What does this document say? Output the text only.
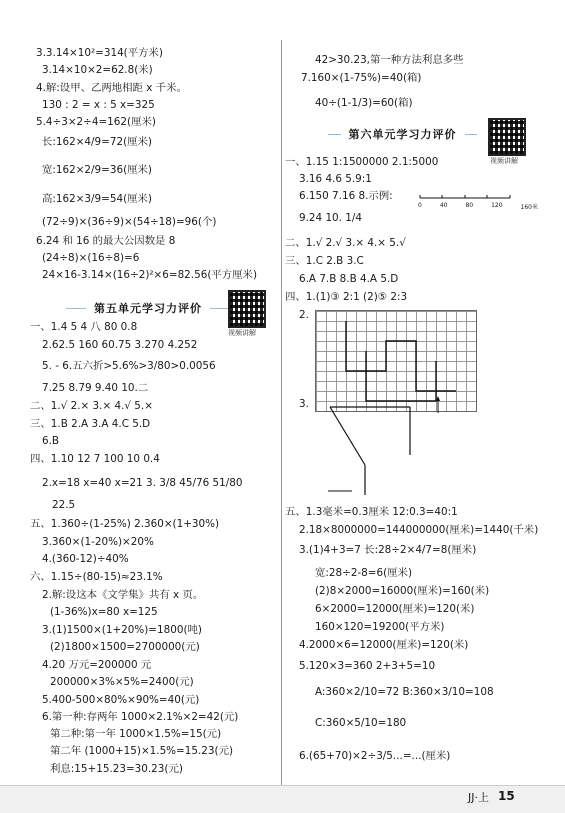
3.3.14×10²=314(平方米)
3.14×10×2=62.8(米)
4.解:设甲、乙两地相距 x 千米。
130 : 2 = x : 5 x=325
5.4÷3×2÷4=162(厘米)
长:162×4/9=72(厘米)
宽:162×2/9=36(厘米)
高:162×3/9=54(厘米)
(72÷9)×(36÷9)×(54÷18)=96(个)
6.24 和 16 的最大公因数是 8
(24÷8)×(16÷8)=6
24×16-3.14×(16÷2)²×6=82.56(平方厘米)
第五单元学习力评价
视频讲解
一、1.4 5 4 八 80 0.8
2.62.5 160 60.75 3.270 4.252
5. - 6.五六折>5.6%>3/80>0.0056
7.25 8.79 9.40 10.二
二、1.√ 2.× 3.× 4.√ 5.×
三、1.B 2.A 3.A 4.C 5.D
6.B
四、1.10 12 7 100 10 0.4
2.x=18 x=40 x=21 3. 3/8 45/76 51/80
22.5
五、1.360÷(1-25%) 2.360×(1+30%)
3.360×(1-20%)×20%
4.(360-12)÷40%
六、1.15÷(80-15)≈23.1%
2.解:设这本《文学集》共有 x 页。
(1-36%)x=80 x=125
3.(1)1500×(1+20%)=1800(吨)
(2)1800×1500=2700000(元)
4.20 万元=200000 元
200000×3%×5%=2400(元)
5.400-500×80%×90%=40(元)
6.第一种:存两年 1000×2.1%×2=42(元)
第二种:第一年 1000×1.5%=15(元)
第二年 (1000+15)×1.5%=15.23(元)
利息:15+15.23=30.23(元)
42>30.23,第一种方法利息多些
7.160×(1-75%)=40(箱)
40÷(1-1/3)=60(箱)
第六单元学习力评价
视频讲解
一、1.15 1:1500000 2.1:5000
3.16 4.6 5.9:1
6.150 7.16 8.示例:
9.24 10. 1/4
二、1.√ 2.√ 3.× 4.× 5.√
三、1.C 2.B 3.C
6.A 7.B 8.B 4.A 5.D
四、1.(1)③ 2:1 (2)⑤ 2:3
2.
3.
五、1.3毫米=0.3厘米 12:0.3=40:1
2.18×8000000=144000000(厘米)=1440(千米)
3.(1)4+3=7 长:28÷2×4/7=8(厘米)
宽:28÷2-8=6(厘米)
(2)8×2000=16000(厘米)=160(米)
6×2000=12000(厘米)=120(米)
160×120=19200(平方米)
4.2000×6=12000(厘米)=120(米)
5.120×3=360 2+3+5=10
A:360×2/10=72 B:360×3/10=108
C:360×5/10=180
6.(65+70)×2÷3/5...=...(厘米)
0	40	80	120	160米
JJ·上 15
